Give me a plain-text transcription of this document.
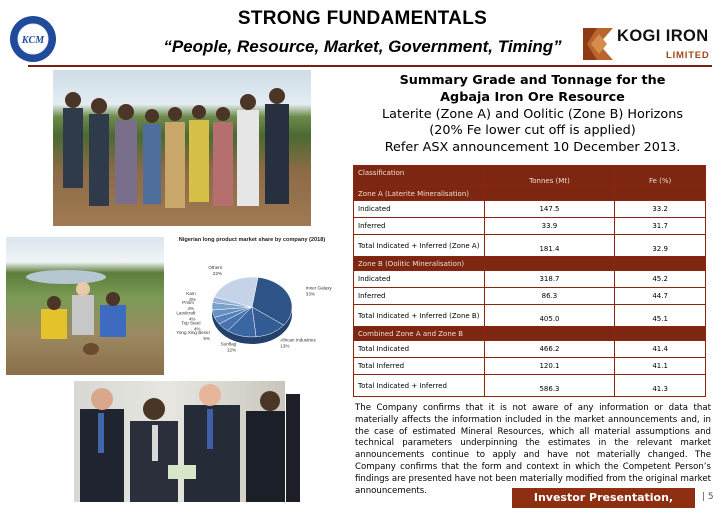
KCM
STRONG FUNDAMENTALS
“People, Resource, Market, Government, Timing”
KOGI IRON
LIMITED
Nigerian long product market share by company (2018)
Inner Galaxy
33%
African Industries
13%
Sunflag
12%
Yong Xing Benin
5%
Top Steel
4%
Landcraft
4%
Prism
4%
Kam
3%
Others
22%
Summary Grade and Tonnage for the
Agbaja Iron Ore Resource
Laterite (Zone A) and Oolitic (Zone B) Horizons
(20% Fe lower cut off is applied)
Refer ASX announcement 10 December 2013.
Classification	Tonnes (Mt)	Fe (%)
Zone A (Laterite Mineralisation)		
Indicated	147.5	33.2
Inferred	33.9	31.7
Total Indicated + Inferred (Zone A)	181.4	32.9
Zone B (Oolitic Mineralisation)		
Indicated	318.7	45.2
Inferred	86.3	44.7
Total Indicated + Inferred (Zone B)	405.0	45.1
Combined Zone A and Zone B		
Total Indicated	466.2	41.4
Total Inferred	120.1	41.1
Total Indicated + Inferred	586.3	41.3
The Company confirms that it is not aware of any information or data that materially affects the information included in the market announcements and, in the case of estimated Mineral Resources, which all material assumptions and technical parameters underpinning the estimates in the relevant market announcements continue to apply and have not materially changed. The Company confirms that the form and context in which the Competent Person’s findings are presented have not been materially modified from the original market announcements.
Investor Presentation, August 2020
| 5
